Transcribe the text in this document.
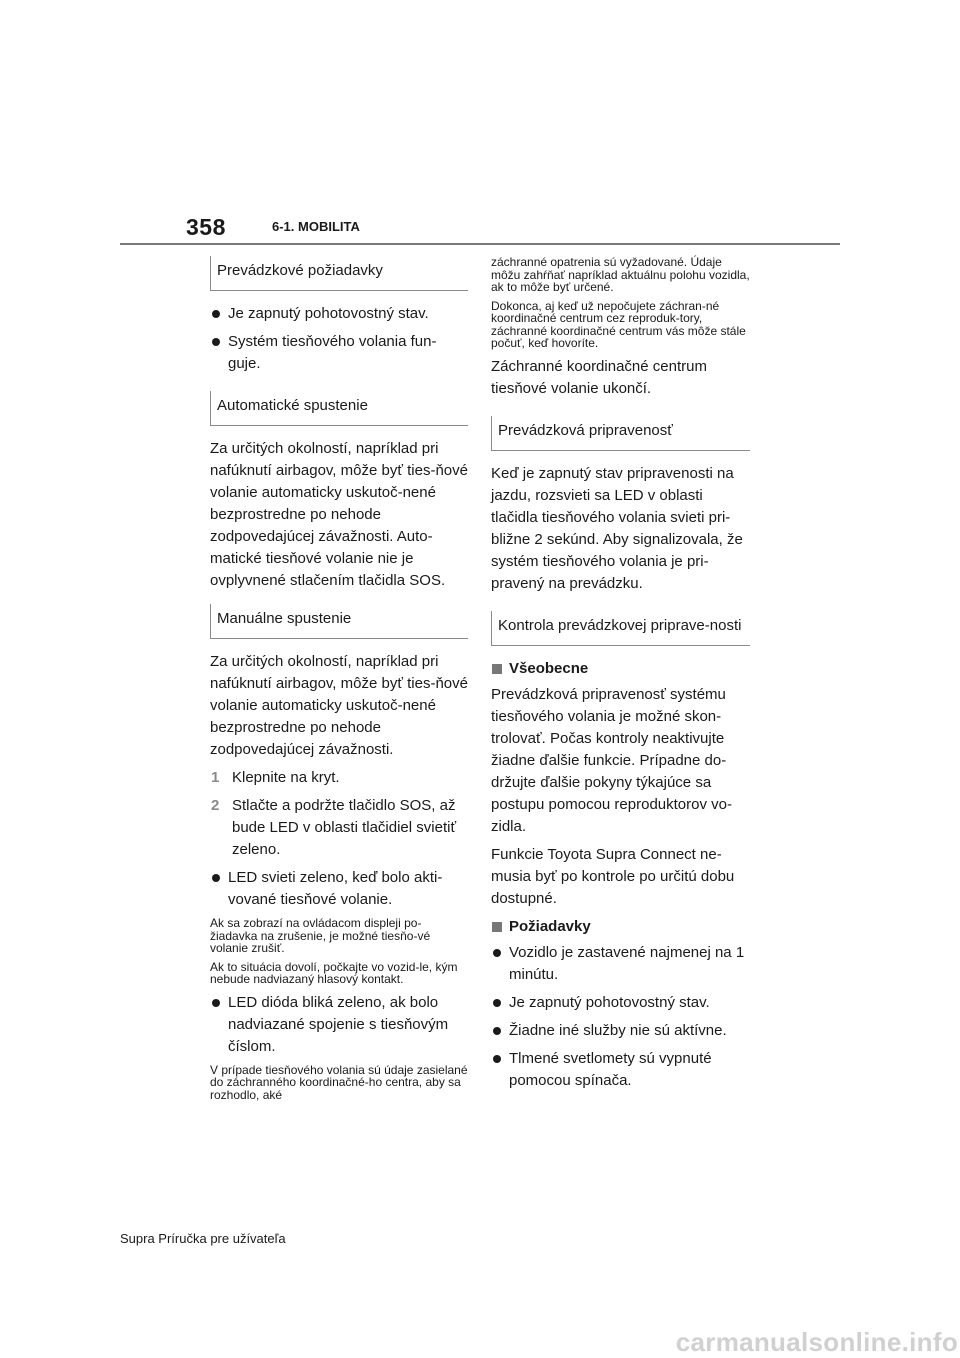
358	6-1. MOBILITA
Prevádzkové požiadavky
Je zapnutý pohotovostný stav.
Systém tiesňového volania fun-guje.
Automatické spustenie

Za určitých okolností, napríklad pri nafúknutí airbagov, môže byť ties-ňové volanie automaticky uskutoč-nené bezprostredne po nehode zodpovedajúcej závažnosti. Auto-matické tiesňové volanie nie je ovplyvnené stlačením tlačidla SOS.

Manuálne spustenie

Za určitých okolností, napríklad pri nafúknutí airbagov, môže byť ties-ňové volanie automaticky uskutoč-nené bezprostredne po nehode zodpovedajúcej závažnosti.

1 Klepnite na kryt.
2 Stlačte a podržte tlačidlo SOS, až bude LED v oblasti tlačidiel svietiť zeleno.
LED svieti zeleno, keď bolo akti-vované tiesňové volanie.

Ak sa zobrazí na ovládacom displeji po-žiadavka na zrušenie, je možné tiesňo-vé volanie zrušiť.

Ak to situácia dovolí, počkajte vo vozid-le, kým nebude nadviazaný hlasový kontakt.

LED dióda bliká zeleno, ak bolo nadviazané spojenie s tiesňovým číslom.

V prípade tiesňového volania sú údaje zasielané do záchranného koordinačné-ho centra, aby sa rozhodlo, aké

záchranné opatrenia sú vyžadované. Údaje môžu zahŕňať napríklad aktuálnu polohu vozidla, ak to môže byť určené.

Dokonca, aj keď už nepočujete záchran-né koordinačné centrum cez reproduk-tory, záchranné koordinačné centrum vás môže stále počuť, keď hovoríte.

Záchranné koordinačné centrum tiesňové volanie ukončí.

Prevádzková pripravenosť

Keď je zapnutý stav pripravenosti na jazdu, rozsvieti sa LED v oblasti tlačidla tiesňového volania svieti pri-bližne 2 sekúnd. Aby signalizovala, že systém tiesňového volania je pri-pravený na prevádzku.

Kontrola prevádzkovej priprave-nosti
Všeobecne

Prevádzková pripravenosť systému tiesňového volania je možné skon-trolovať. Počas kontroly neaktivujte žiadne ďalšie funkcie. Prípadne do-držujte ďalšie pokyny týkajúce sa postupu pomocou reproduktorov vo-zidla.

Funkcie Toyota Supra Connect ne-musia byť po kontrole po určitú dobu dostupné.

Požiadavky
Vozidlo je zastavené najmenej na 1 minútu.
Je zapnutý pohotovostný stav.
Žiadne iné služby nie sú aktívne.
Tlmené svetlomety sú vypnuté pomocou spínača.
Supra Príručka pre užívateľa
carmanualsonline.info
